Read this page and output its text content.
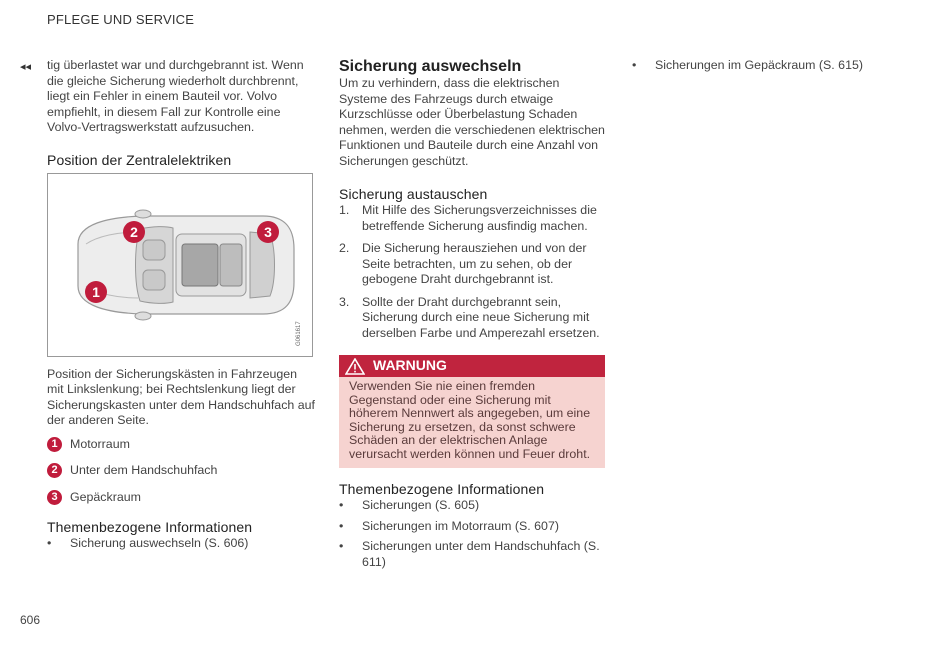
PFLEGE UND SERVICE
◂◂
606

tig überlastet war und durchgebrannt ist. Wenn die gleiche Sicherung wiederholt durchbrennt, liegt ein Fehler in einem Bauteil vor. Volvo empfiehlt, in diesem Fall zur Kontrolle eine Volvo-Vertragswerkstatt aufzusuchen.

Position der Zentralelektriken
1
2	3
G061617

Position der Sicherungskästen in Fahrzeugen mit Linkslenkung; bei Rechtslenkung liegt der Sicherungskasten unter dem Handschuhfach auf der anderen Seite.

1	Motorraum
2	Unter dem Handschuhfach
3	Gepäckraum
Themenbezogene Informationen
•	Sicherung auswechseln (S. 606)
Sicherung auswechseln

Um zu verhindern, dass die elektrischen Systeme des Fahrzeugs durch etwaige Kurzschlüsse oder Überbelastung Schaden nehmen, werden die verschiedenen elektrischen Funktionen und Bauteile durch eine Anzahl von Sicherungen geschützt.

Sicherung austauschen
1.	Mit Hilfe des Sicherungsverzeichnisses die betreffende Sicherung ausfindig machen.
2.	Die Sicherung herausziehen und von der Seite betrachten, um zu sehen, ob der gebogene Draht durchgebrannt ist.
3.	Sollte der Draht durchgebrannt sein, Sicherung durch eine neue Sicherung mit derselben Farbe und Amperezahl ersetzen.
WARNUNG
Verwenden Sie nie einen fremden Gegenstand oder eine Sicherung mit höherem Nennwert als angegeben, um eine Sicherung zu ersetzen, da sonst schwere Schäden an der elektrischen Anlage verursacht werden können und Feuer droht.
Themenbezogene Informationen
•	Sicherungen (S. 605)
•	Sicherungen im Motorraum (S. 607)
•	Sicherungen unter dem Handschuhfach (S. 611)
•	Sicherungen im Gepäckraum (S. 615)
